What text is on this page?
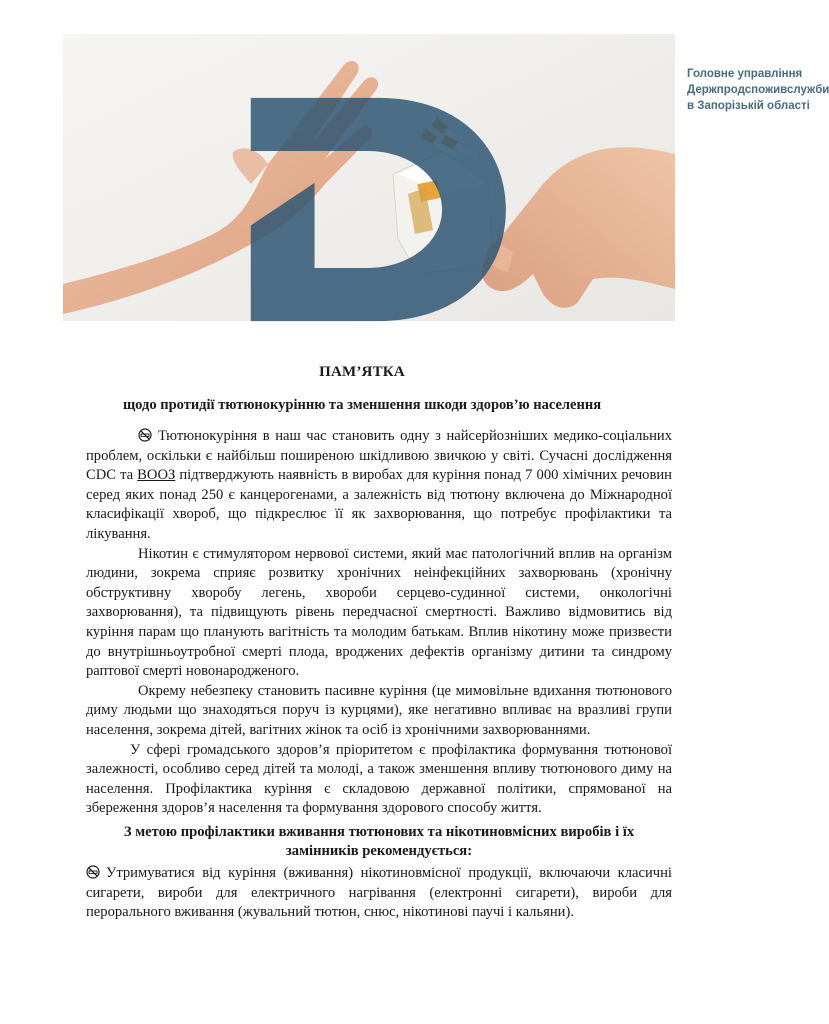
Головне управління
Держпродспоживслужби
в Запорізькій області
ПАМ’ЯТКА
щодо протидії тютюнокурінню та зменшення шкоди здоров’ю населення

Тютюнокуріння в наш час становить одну з найсерйозніших медико-соціальних проблем, оскільки є найбільш поширеною шкідливою звичкою у світі. Сучасні дослідження CDC та ВООЗ підтверджують наявність в виробах для куріння понад 7 000 хімічних речовин серед яких понад 250 є канцерогенами, а залежність від тютюну включена до Міжнародної класифікації хвороб, що підкреслює її як захворювання, що потребує профілактики та лікування.

Нікотин є стимулятором нервової системи, який має патологічний вплив на організм людини, зокрема сприяє розвитку хронічних неінфекційних захворювань (хронічну обструктивну хворобу легень, хвороби серцево-судинної системи, онкологічні захворювання), та підвищують рівень передчасної смертності. Важливо відмовитись від куріння парам що планують вагітність та молодим батькам. Вплив нікотину може призвести до внутрішньоутробної смерті плода, вроджених дефектів організму дитини та синдрому раптової смерті новонародженого.

Окрему небезпеку становить пасивне куріння (це мимовільне вдихання тютюнового диму людьми що знаходяться поруч із курцями), яке негативно впливає на вразливі групи населення, зокрема дітей, вагітних жінок та осіб із хронічними захворюваннями.

У сфері громадського здоров’я пріоритетом є профілактика формування тютюнової залежності, особливо серед дітей та молоді, а також зменшення впливу тютюнового диму на населення. Профілактика куріння є складовою державної політики, спрямованої на збереження здоров’я населення та формування здорового способу життя.

З метою профілактики вживання тютюнових та нікотиновмісних виробів і їх замінників рекомендується:

Утримуватися від куріння (вживання) нікотиновмісної продукції, включаючи класичні сигарети, вироби для електричного нагрівання (електронні сигарети), вироби для перорального вживання (жувальний тютюн, снюс, нікотинові паучі і кальяни).
